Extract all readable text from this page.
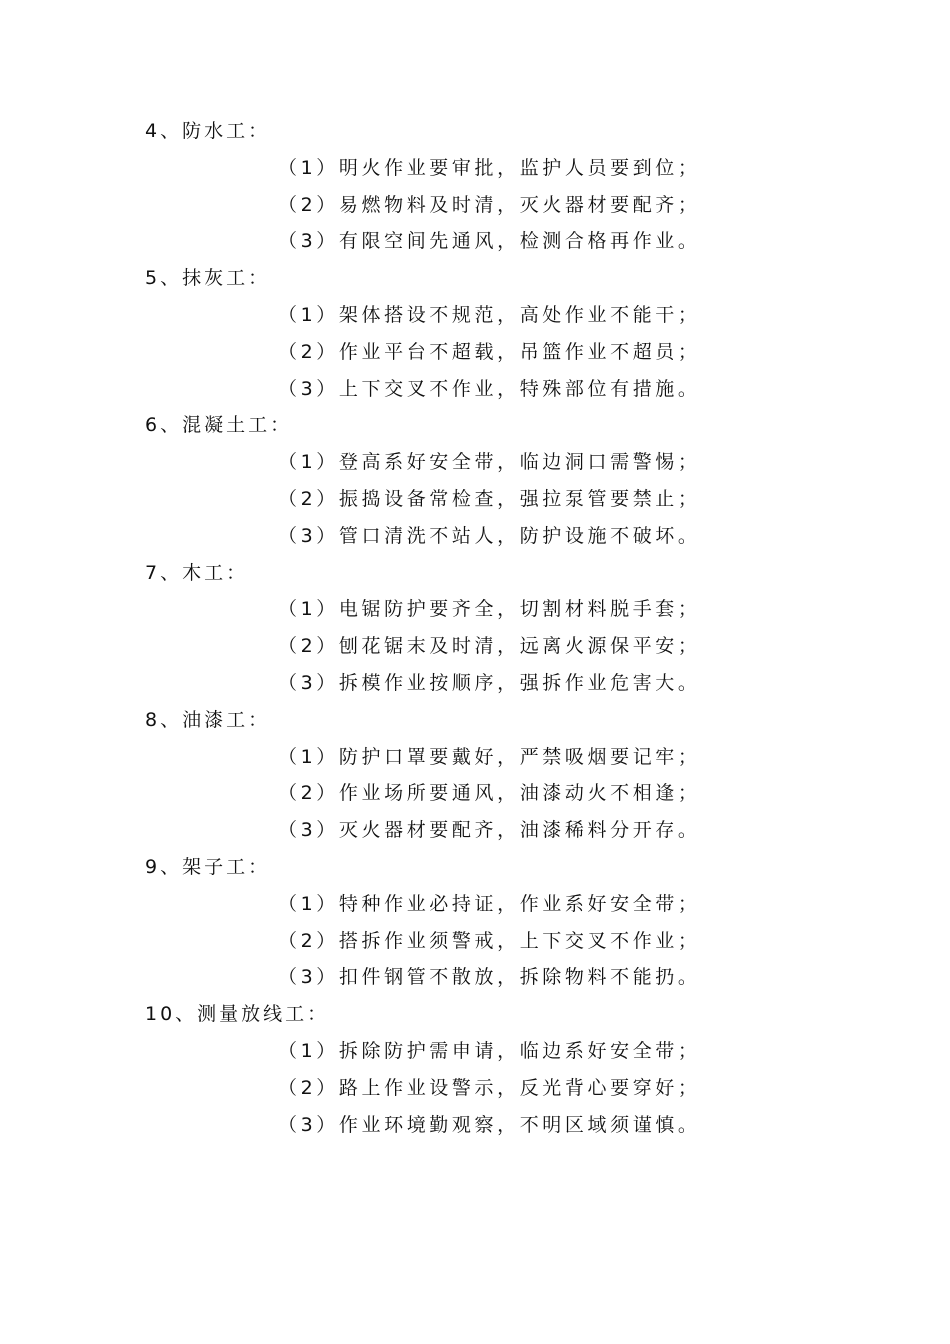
4、防水工：
（1）明火作业要审批，监护人员要到位；
（2）易燃物料及时清，灭火器材要配齐；
（3）有限空间先通风，检测合格再作业。
5、抹灰工：
（1）架体搭设不规范，高处作业不能干；
（2）作业平台不超载，吊篮作业不超员；
（3）上下交叉不作业，特殊部位有措施。
6、混凝土工：
（1）登高系好安全带，临边洞口需警惕；
（2）振捣设备常检查，强拉泵管要禁止；
（3）管口清洗不站人，防护设施不破坏。
7、木工：
（1）电锯防护要齐全，切割材料脱手套；
（2）刨花锯末及时清，远离火源保平安；
（3）拆模作业按顺序，强拆作业危害大。
8、油漆工：
（1）防护口罩要戴好，严禁吸烟要记牢；
（2）作业场所要通风，油漆动火不相逢；
（3）灭火器材要配齐，油漆稀料分开存。
9、架子工：
（1）特种作业必持证，作业系好安全带；
（2）搭拆作业须警戒，上下交叉不作业；
（3）扣件钢管不散放，拆除物料不能扔。
10、测量放线工：
（1）拆除防护需申请，临边系好安全带；
（2）路上作业设警示，反光背心要穿好；
（3）作业环境勤观察，不明区域须谨慎。
